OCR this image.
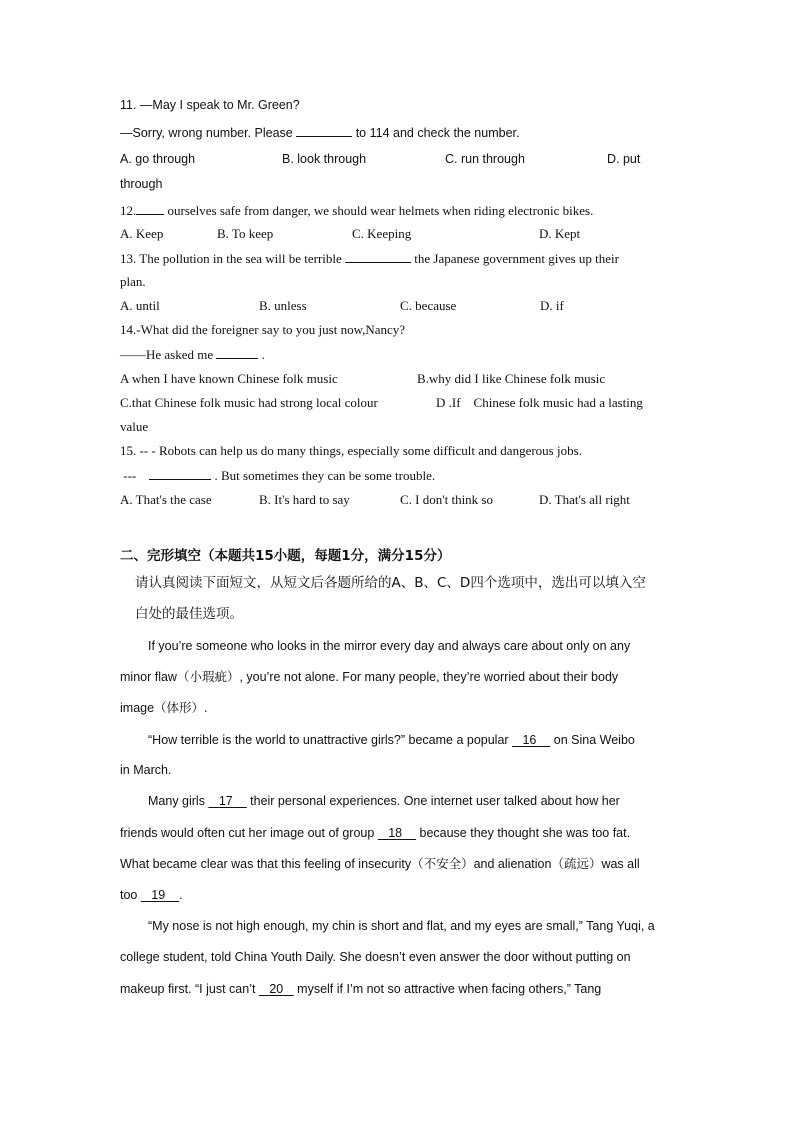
11. —May I speak to Mr. Green?
—Sorry, wrong number. Please	to 114 and check the number.
A. go through	B. look through	C. run through	D. put
through
12. ourselves safe from danger, we should wear helmets when riding electronic bikes.
A. Keep	B. To keep	C. Keeping	D. Kept
13. The pollution in the sea will be terrible	the Japanese government gives up their
plan.
A. until	B. unless	C. because	D. if
14.-What did the foreigner say to you just now,Nancy?
——He asked me	.
A when I have known Chinese folk music	B.why did I like Chinese folk music
C.that Chinese folk music had strong local colour	D .If    Chinese folk music had a lasting
value
15. -- - Robots can help us do many things, especially some difficult and dangerous jobs.
---	. But sometimes they can be some trouble.
A. That's the case	B. It's hard to say	C. I don't think so	D. That's all right
二、完形填空（本题共15小题，每题1分，满分15分）
请认真阅读下面短文，从短文后各题所给的A、B、C、D四个选项中，选出可以填入空
白处的最佳选项。
If you’re someone who looks in the mirror every day and always care about only on any
minor flaw（小瑕疵）, you’re not alone. For many people, they’re worried about their body
image（体形）.
“How terrible is the world to unattractive girls?” became a popular    16     on Sina Weibo
in March.
Many girls    17     their personal experiences. One internet user talked about how her
friends would often cut her image out of group    18     because they thought she was too fat.
What became clear was that this feeling of insecurity（不安全）and alienation（疏远）was all
too    19 .
“My nose is not high enough, my chin is short and flat, and my eyes are small,” Tang Yuqi, a
college student, told China Youth Daily. She doesn’t even answer the door without putting on
makeup first. “I just can’t    20    myself if I’m not so attractive when facing others,” Tang
